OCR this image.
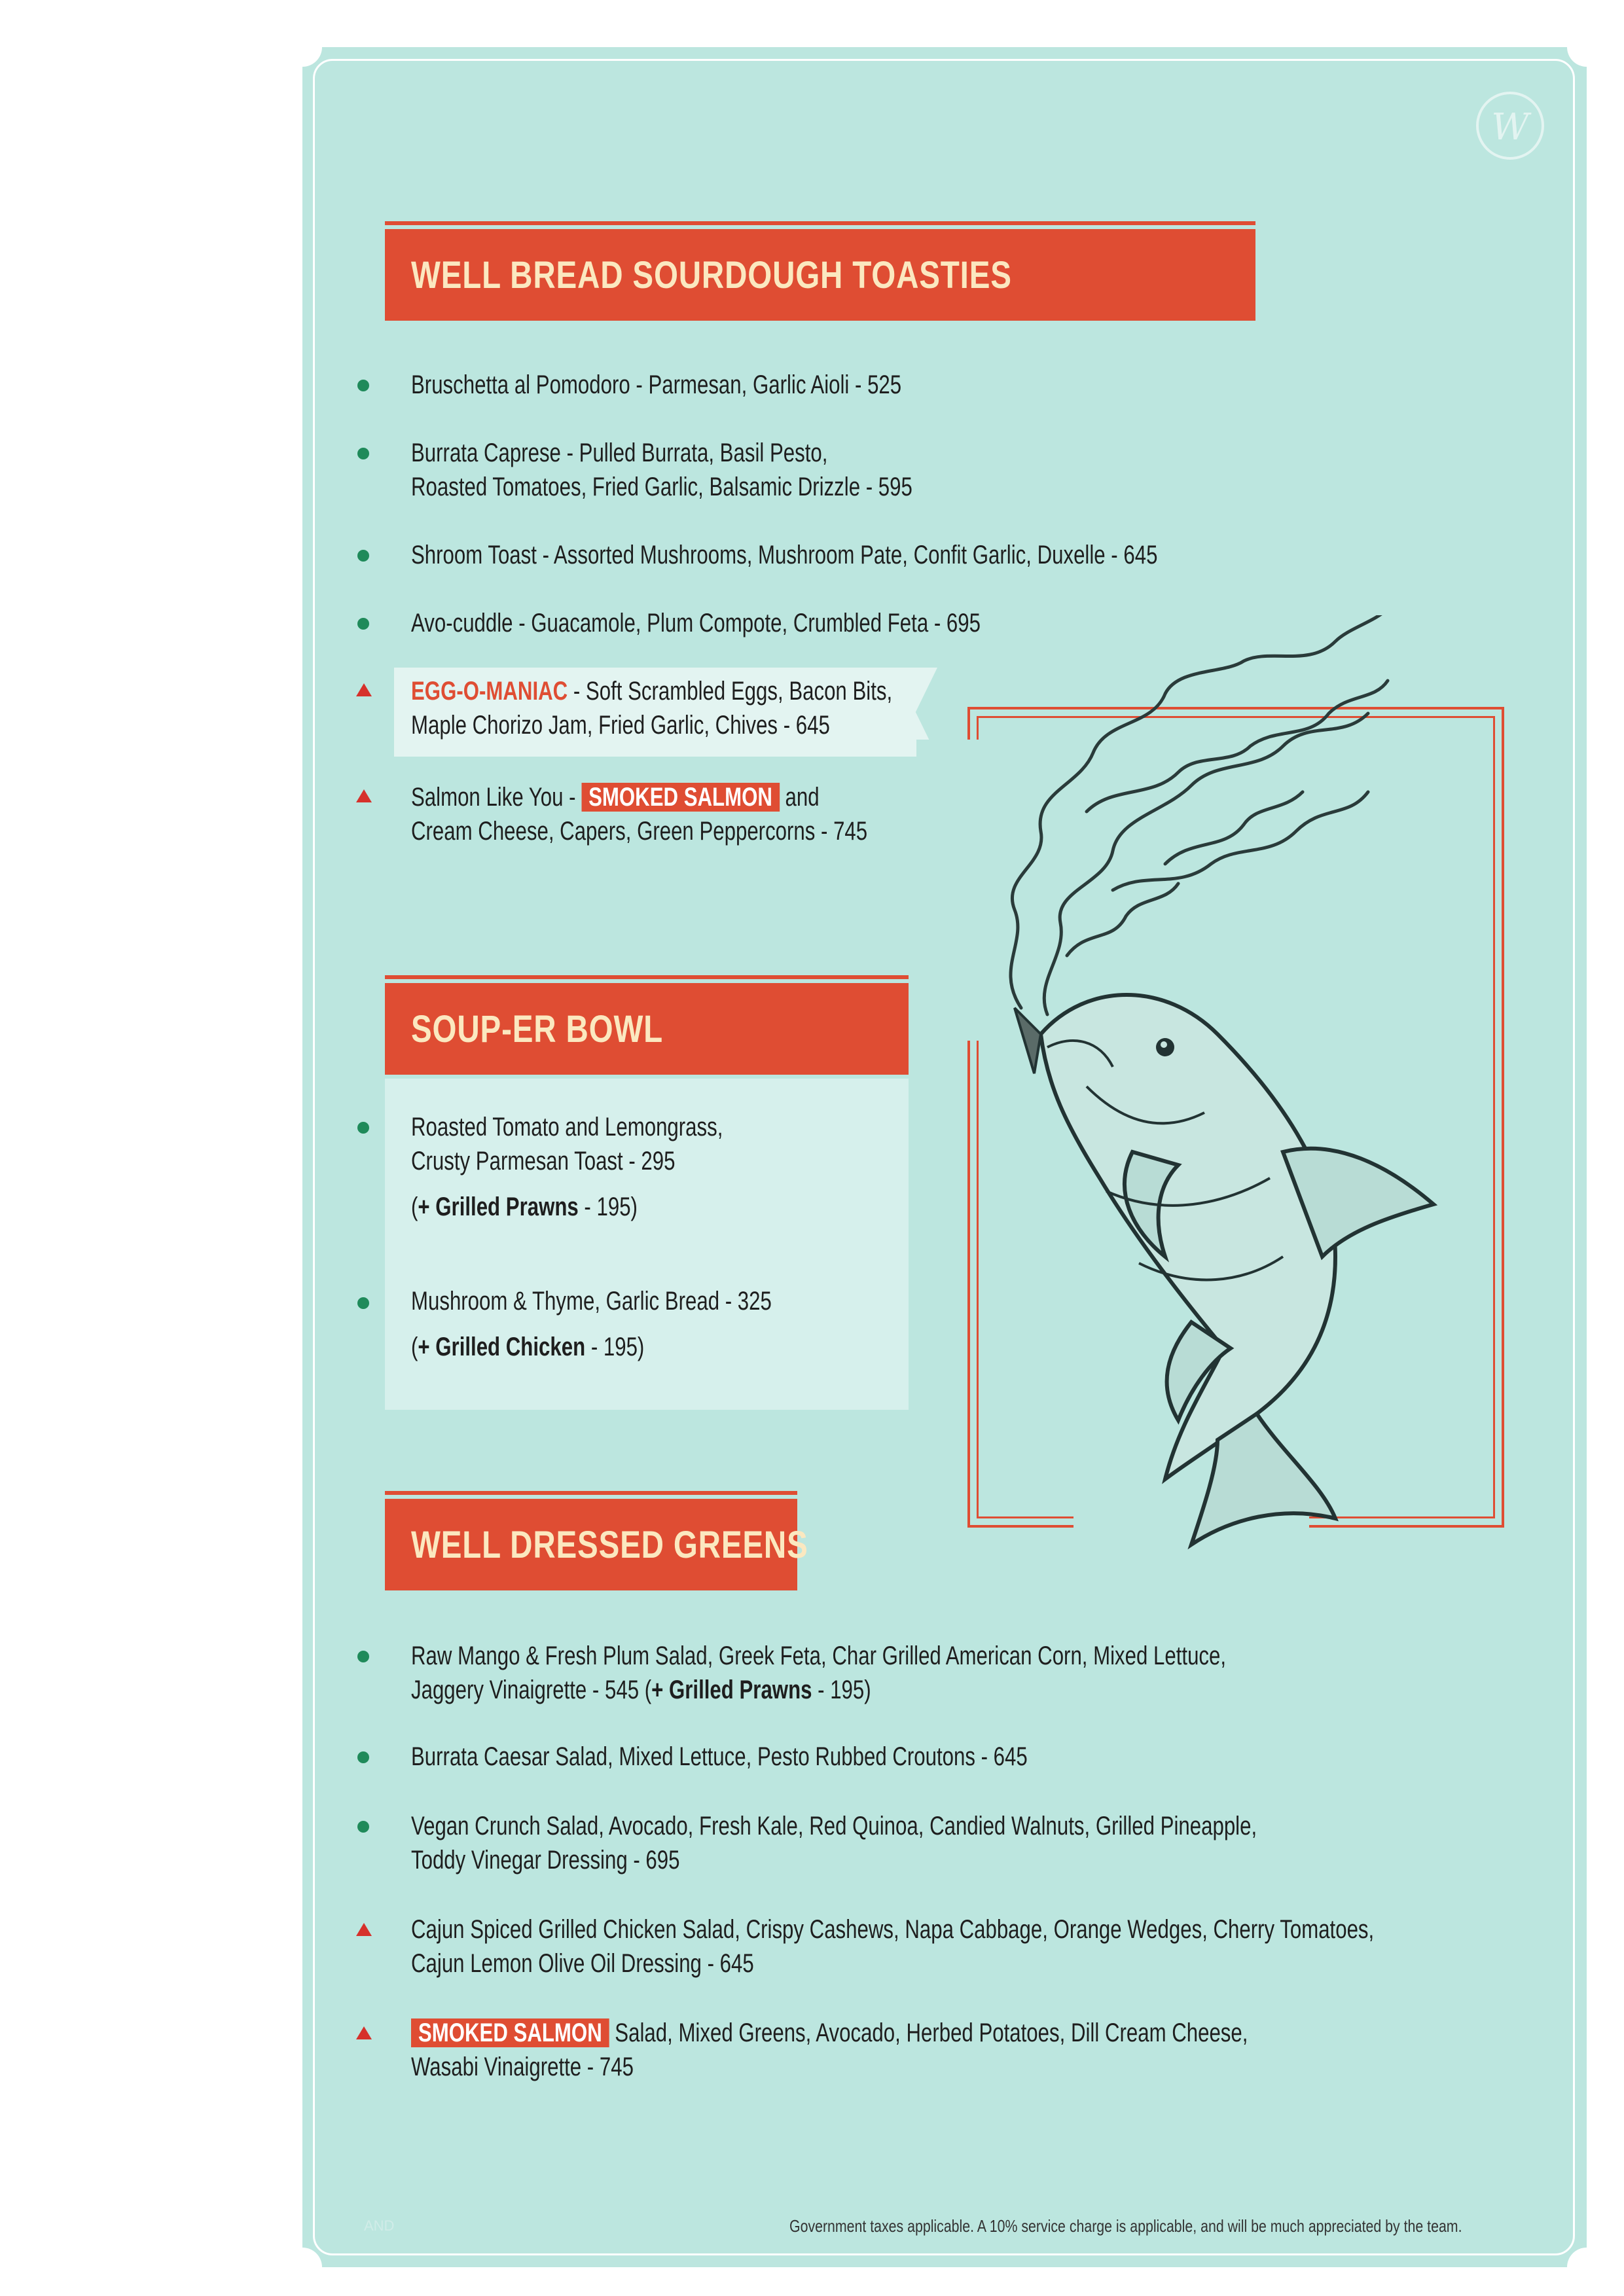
W
WELL BREAD SOURDOUGH TOASTIES
Bruschetta al Pomodoro - Parmesan, Garlic Aioli - 525
Burrata Caprese - Pulled Burrata, Basil Pesto,
Roasted Tomatoes, Fried Garlic, Balsamic Drizzle - 595
Shroom Toast - Assorted Mushrooms, Mushroom Pate, Confit Garlic, Duxelle - 645
Avo-cuddle - Guacamole, Plum Compote, Crumbled Feta - 695
EGG-O-MANIAC - Soft Scrambled Eggs, Bacon Bits,
Maple Chorizo Jam, Fried Garlic, Chives - 645
Salmon Like You - SMOKED SALMON and
Cream Cheese, Capers, Green Peppercorns - 745
SOUP-ER BOWL
Roasted Tomato and Lemongrass,
Crusty Parmesan Toast - 295
(+ Grilled Prawns - 195)
Mushroom & Thyme, Garlic Bread - 325
(+ Grilled Chicken - 195)
WELL DRESSED GREENS
Raw Mango & Fresh Plum Salad, Greek Feta, Char Grilled American Corn, Mixed Lettuce,
Jaggery Vinaigrette - 545 (+ Grilled Prawns - 195)
Burrata Caesar Salad, Mixed Lettuce, Pesto Rubbed Croutons - 645
Vegan Crunch Salad, Avocado, Fresh Kale, Red Quinoa, Candied Walnuts, Grilled Pineapple,
Toddy Vinegar Dressing - 695
Cajun Spiced Grilled Chicken Salad, Crispy Cashews, Napa Cabbage, Orange Wedges, Cherry Tomatoes,
Cajun Lemon Olive Oil Dressing - 645
SMOKED SALMON Salad, Mixed Greens, Avocado, Herbed Potatoes, Dill Cream Cheese,
Wasabi Vinaigrette - 745
AND	Government taxes applicable. A 10% service charge is applicable, and will be much appreciated by the team.
